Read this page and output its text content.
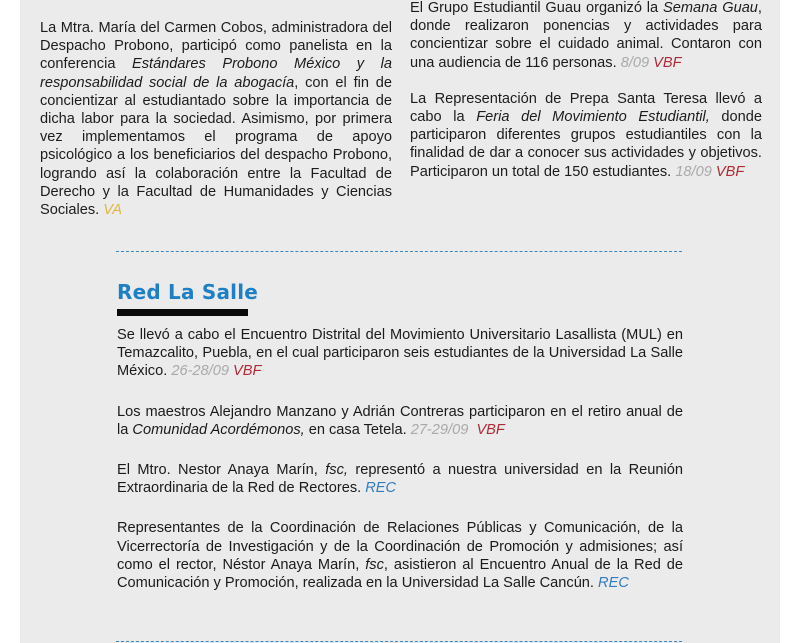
La Mtra. María del Carmen Cobos, administradora del Despacho Probono, participó como panelista en la conferencia Estándares Probono México y la responsabilidad social de la abogacía, con el fin de concientizar al estudiantado sobre la importancia de dicha labor para la sociedad. Asimismo, por primera vez implementamos el programa de apoyo psicológico a los beneficiarios del despacho Probono, logrando así la colaboración entre la Facultad de Derecho y la Facultad de Humanidades y Ciencias Sociales. VA

El Grupo Estudiantil Guau organizó la Semana Guau, donde realizaron ponencias y actividades para concientizar sobre el cuidado animal. Contaron con una audiencia de 116 personas. 8/09 VBF

La Representación de Prepa Santa Teresa llevó a cabo la Feria del Movimiento Estudiantil, donde participaron diferentes grupos estudiantiles con la finalidad de dar a conocer sus actividades y objetivos. Participaron un total de 150 estudiantes. 18/09 VBF

Red La Salle

Se llevó a cabo el Encuentro Distrital del Movimiento Universitario Lasallista (MUL) en Temazcalito, Puebla, en el cual participaron seis estudiantes de la Universidad La Salle México. 26-28/09 VBF

Los maestros Alejandro Manzano y Adrián Contreras participaron en el retiro anual de la Comunidad Acordémonos, en casa Tetela. 27-29/09 VBF

El Mtro. Nestor Anaya Marín, fsc, representó a nuestra universidad en la Reunión Extraordinaria de la Red de Rectores. REC

Representantes de la Coordinación de Relaciones Públicas y Comunicación, de la Vicerrectoría de Investigación y de la Coordinación de Promoción y admisiones; así como el rector, Néstor Anaya Marín, fsc, asistieron al Encuentro Anual de la Red de Comunicación y Promoción, realizada en la Universidad La Salle Cancún. REC
